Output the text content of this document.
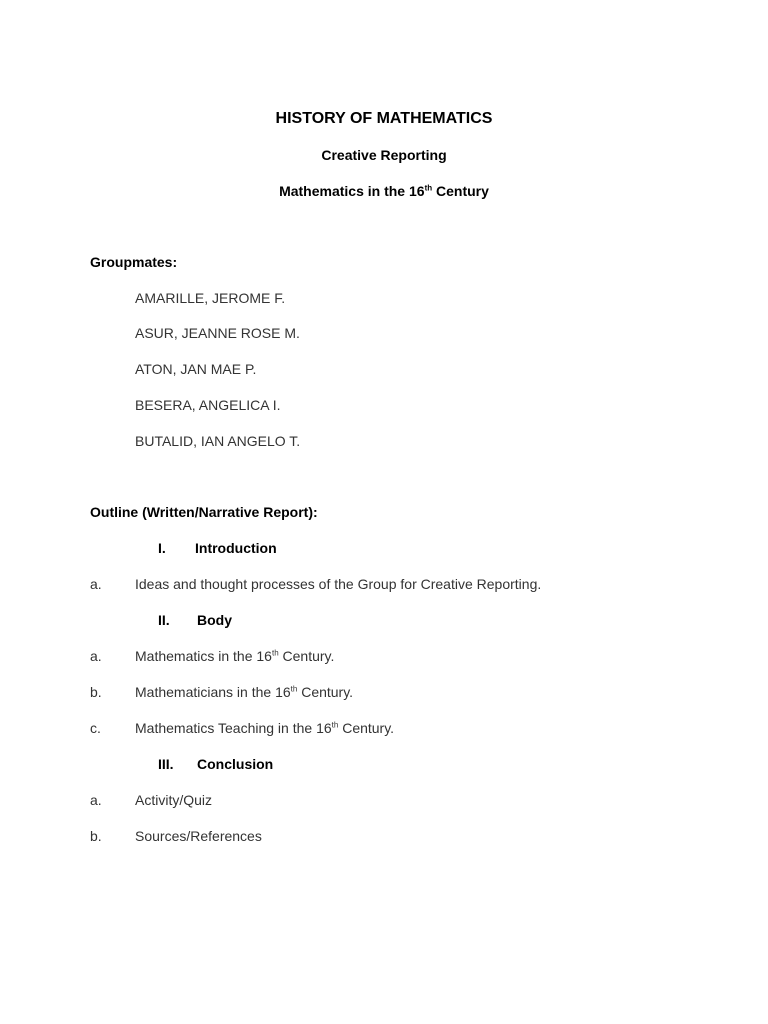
HISTORY OF MATHEMATICS
Creative Reporting
Mathematics in the 16th Century
Groupmates:
AMARILLE, JEROME F.
ASUR, JEANNE ROSE M.
ATON, JAN MAE P.
BESERA, ANGELICA I.
BUTALID, IAN ANGELO T.
Outline (Written/Narrative Report):
I. Introduction
a. Ideas and thought processes of the Group for Creative Reporting.
II. Body
a. Mathematics in the 16th Century.
b. Mathematicians in the 16th Century.
c. Mathematics Teaching in the 16th Century.
III. Conclusion
a. Activity/Quiz
b. Sources/References
